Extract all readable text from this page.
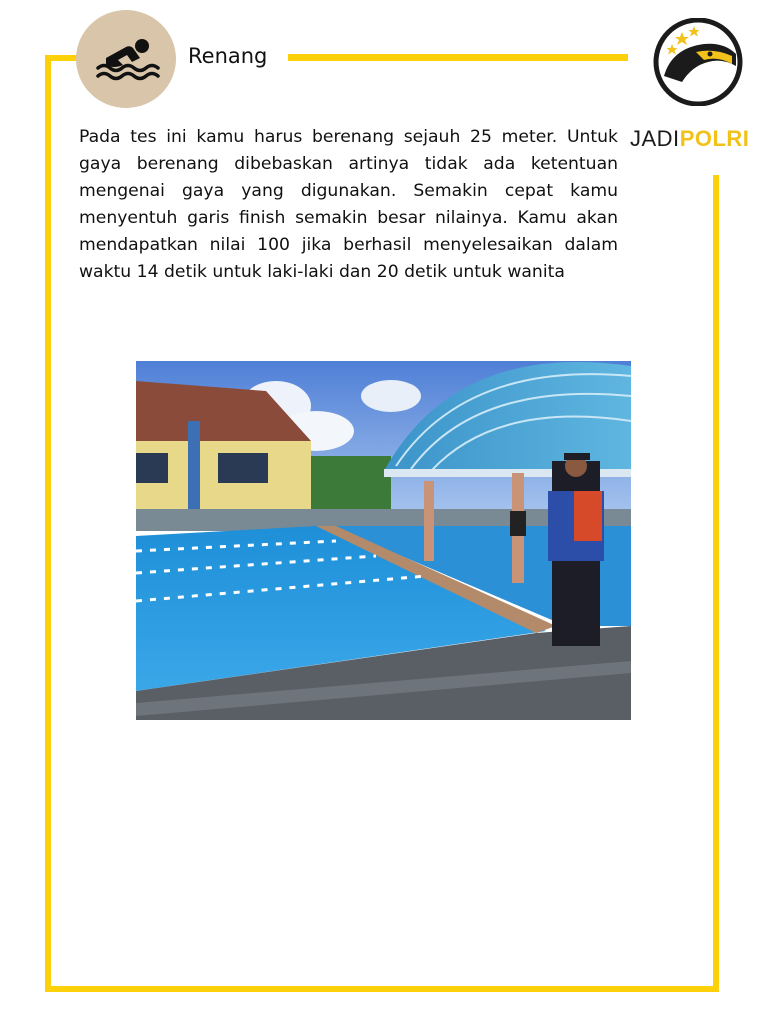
Renang
JADIPOLRI

Pada tes ini kamu harus berenang sejauh 25 meter. Untuk gaya berenang dibebaskan artinya tidak ada ketentuan mengenai gaya yang digunakan. Semakin cepat kamu menyentuh garis finish semakin besar nilainya. Kamu akan mendapatkan nilai 100 jika berhasil menyelesaikan dalam waktu 14 detik untuk laki-laki dan 20 detik untuk wanita
